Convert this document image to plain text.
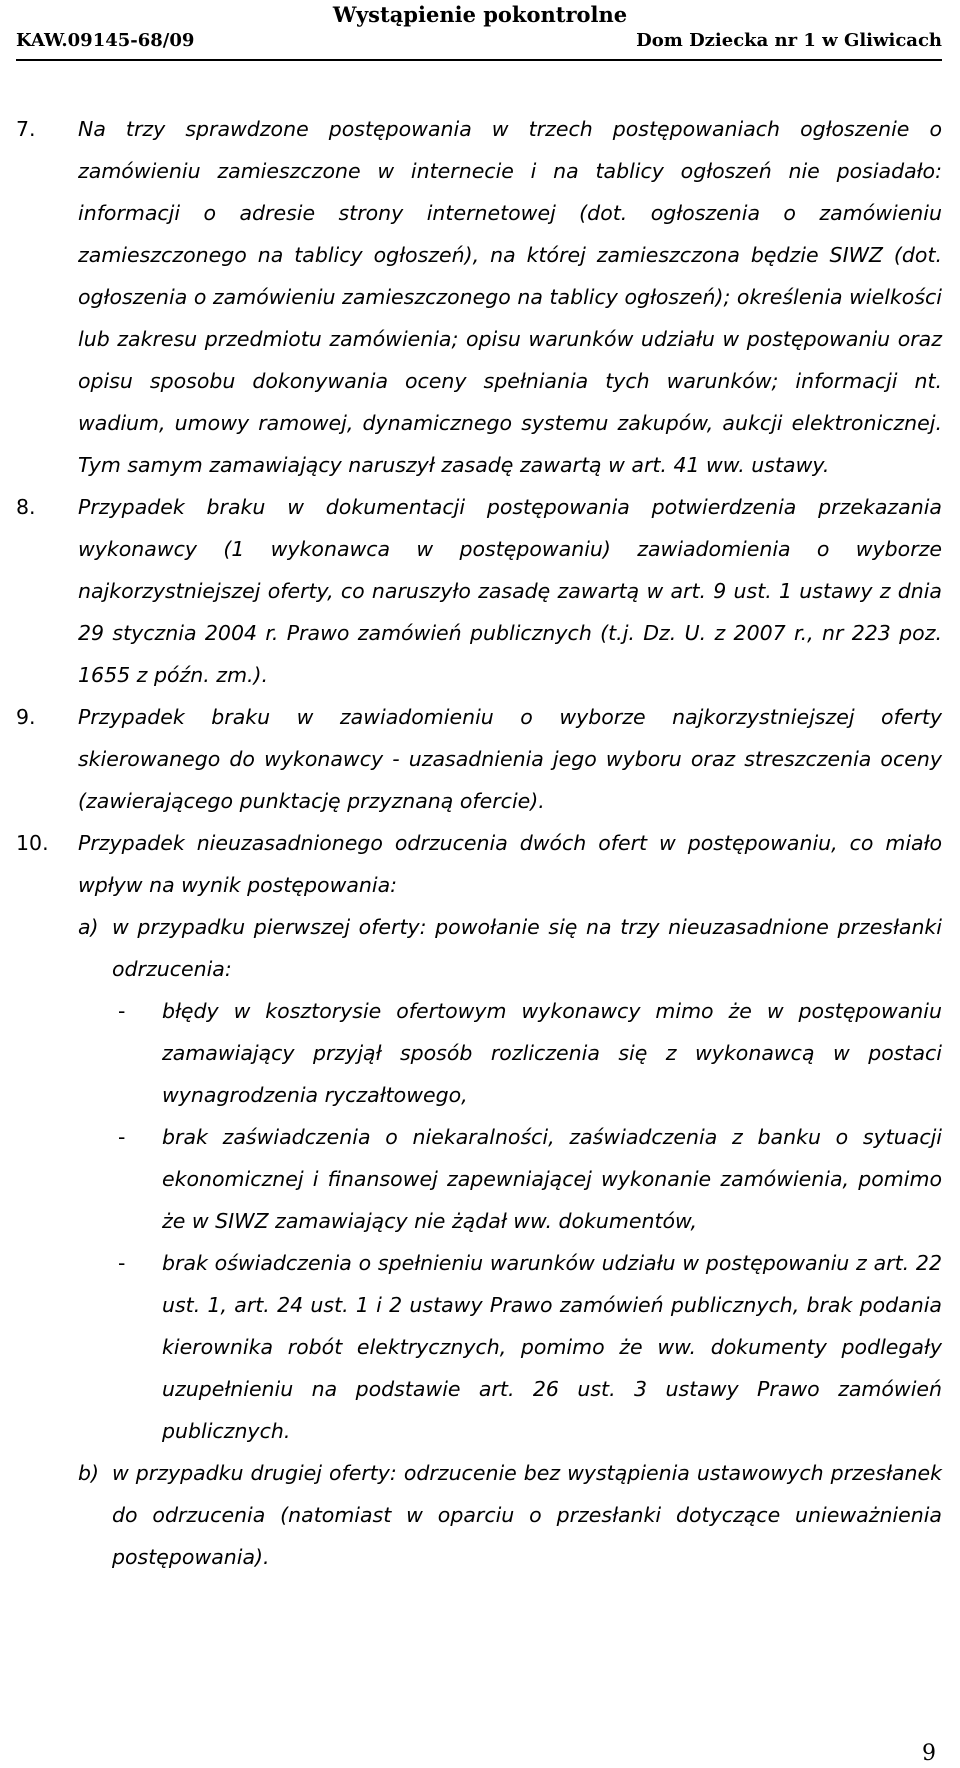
Wystąpienie pokontrolne
KAW.09145-68/09	Dom Dziecka nr 1 w Gliwicach
7. Na trzy sprawdzone postępowania w trzech postępowaniach ogłoszenie o zamówieniu zamieszczone w internecie i na tablicy ogłoszeń nie posiadało: informacji o adresie strony internetowej (dot. ogłoszenia o zamówieniu zamieszczonego na tablicy ogłoszeń), na której zamieszczona będzie SIWZ (dot. ogłoszenia o zamówieniu zamieszczonego na tablicy ogłoszeń); określenia wielkości lub zakresu przedmiotu zamówienia; opisu warunków udziału w postępowaniu oraz opisu sposobu dokonywania oceny spełniania tych warunków; informacji nt. wadium, umowy ramowej, dynamicznego systemu zakupów, aukcji elektronicznej. Tym samym zamawiający naruszył zasadę zawartą w art. 41 ww. ustawy.
8. Przypadek braku w dokumentacji postępowania potwierdzenia przekazania wykonawcy (1 wykonawca w postępowaniu) zawiadomienia o wyborze najkorzystniejszej oferty, co naruszyło zasadę zawartą w art. 9 ust. 1 ustawy z dnia 29 stycznia 2004 r. Prawo zamówień publicznych (t.j. Dz. U. z 2007 r., nr 223 poz. 1655 z późn. zm.).
9. Przypadek braku w zawiadomieniu o wyborze najkorzystniejszej oferty skierowanego do wykonawcy - uzasadnienia jego wyboru oraz streszczenia oceny (zawierającego punktację przyznaną ofercie).
10. Przypadek nieuzasadnionego odrzucenia dwóch ofert w postępowaniu, co miało wpływ na wynik postępowania:
a) w przypadku pierwszej oferty: powołanie się na trzy nieuzasadnione przesłanki odrzucenia:
- błędy w kosztorysie ofertowym wykonawcy mimo że w postępowaniu zamawiający przyjął sposób rozliczenia się z wykonawcą w postaci wynagrodzenia ryczałtowego,
- brak zaświadczenia o niekaralności, zaświadczenia z banku o sytuacji ekonomicznej i finansowej zapewniającej wykonanie zamówienia, pomimo że w SIWZ zamawiający nie żądał ww. dokumentów,
- brak oświadczenia o spełnieniu warunków udziału w postępowaniu z art. 22 ust. 1, art. 24 ust. 1 i 2 ustawy Prawo zamówień publicznych, brak podania kierownika robót elektrycznych, pomimo że ww. dokumenty podlegały uzupełnieniu na podstawie art. 26 ust. 3 ustawy Prawo zamówień publicznych.
b) w przypadku drugiej oferty: odrzucenie bez wystąpienia ustawowych przesłanek do odrzucenia (natomiast w oparciu o przesłanki dotyczące unieważnienia postępowania).
9
